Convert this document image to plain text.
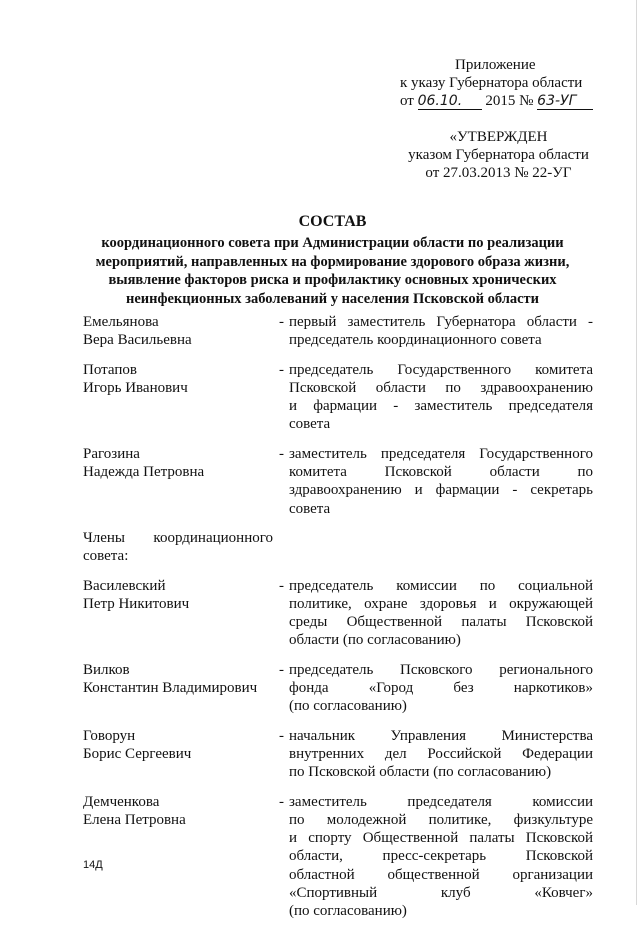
Приложение
к указу Губернатора области
от 06.10. 2015 № 63-УГ
«УТВЕРЖДЕН
указом Губернатора области
от 27.03.2013 № 22-УГ
СОСТАВ
координационного совета при Администрации области по реализации
мероприятий, направленных на формирование здорового образа жизни,
выявление факторов риска и профилактику основных хронических
неинфекционных заболеваний у населения Псковской области

Емельянова

Вера Васильевна

- первый заместитель Губернатора области -

председатель координационного совета

Потапов

Игорь Иванович

- председатель Государственного комитета

Псковской области по здравоохранению

и фармации - заместитель председателя

совета

Рагозина

Надежда Петровна

- заместитель председателя Государственного

комитета Псковской области по

здравоохранению и фармации - секретарь

совета

Члены координационного

совета:

Василевский

Петр Никитович

- председатель комиссии по социальной

политике, охране здоровья и окружающей

среды Общественной палаты Псковской

области (по согласованию)

Вилков

Константин Владимирович

- председатель Псковского регионального

фонда «Город без наркотиков»

(по согласованию)

Говорун

Борис Сергеевич

- начальник Управления Министерства

внутренних дел Российской Федерации

по Псковской области (по согласованию)

Демченкова

Елена Петровна

- заместитель председателя комиссии

по молодежной политике, физкультуре

и спорту Общественной палаты Псковской

области, пресс-секретарь Псковской

областной общественной организации

«Спортивный клуб «Ковчег»

(по согласованию)

14Д
